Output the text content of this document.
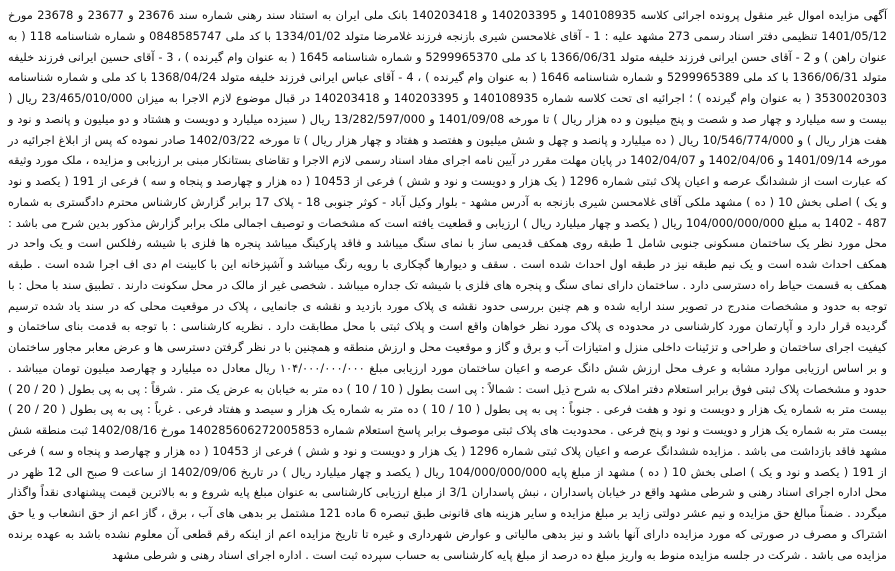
آگهی مزایده اموال غیر منقول پرونده اجرائی کلاسه 140108935 و 140203395 و 140203418 بانک ملی ایران به استناد سند رهنی شماره سند 23676 و 23677 و 23678 مورخ 1401/05/12 تنظیمی دفتر اسناد رسمی 273 مشهد علیه : 1 - آقای غلامحسن شیری بازنجه فرزند غلامرضا متولد 1334/01/02 با کد ملی 0848585747 و شماره شناسنامه 118 ( به عنوان راهن ) و 2 - آقای حسن ایرانی فرزند خلیفه متولد 1366/06/31 با کد ملی 5299965370 و شماره شناسنامه 1645 ( به عنوان وام گیرنده ) ، 3 - آقای حسین ایرانی فرزند خلیفه متولد 1366/06/31 با کد ملی 5299965389 و شماره شناسنامه 1646 ( به عنوان وام گیرنده ) ، 4 - آقای عباس ایرانی فرزند خلیفه متولد 1368/04/24 با کد ملی و شماره شناسنامه 3530020303 ( به عنوان وام گیرنده ) ؛ اجرائیه ای تحت کلاسه شماره 140108935 و 140203395 و 140203418 در قبال موضوع لازم الاجرا به میزان 23/465/010/000 ریال ( بیست و سه میلیارد و چهار صد و شصت و پنج میلیون و ده هزار ریال ) تا مورخه 1401/09/08 و 13/282/597/000 ریال ( سیزده میلیارد و دویست و هشتاد و دو میلیون و پانصد و نود و هفت هزار ریال ) و 10/546/774/000 ریال ( ده میلیارد و پانصد و چهل و شش میلیون و هفتصد و هفتاد و چهار هزار ریال ) تا مورخه 1402/03/22 صادر نموده که پس از ابلاغ اجرائیه در مورخه 1401/09/14 و 1402/04/06 و 1402/04/07 در پایان مهلت مقرر در آیین نامه اجرای مفاد اسناد رسمی لازم الاجرا و تقاضای بستانکار مبنی بر ارزیابی و مزایده ، ملک مورد وثیقه که عبارت است از ششدانگ عرصه و اعیان پلاک ثبتی شماره 1296 ( یک هزار و دویست و نود و شش ) فرعی از 10453 ( ده هزار و چهارصد و پنجاه و سه ) فرعی از 191 ( یکصد و نود و یک ) اصلی بخش 10 ( ده ) مشهد ملکی آقای غلامحسن شیری بازنجه به آدرس مشهد - بلوار وکیل آباد - کوثر جنوبی 18 - پلاک 17 برابر گزارش کارشناس محترم دادگستری به شماره 487 - 1402 به مبلغ 104/000/000/000 ریال ( یکصد و چهار میلیارد ریال ) ارزیابی و قطعیت یافته است که مشخصات و توصیف اجمالی ملک برابر گزارش مذکور بدین شرح می باشد : محل مورد نظر یک ساختمان مسکونی جنوبی شامل 1 طبقه روی همکف قدیمی ساز با نمای سنگ میباشد و فاقد پارکینگ میباشد پنجره ها فلزی با شیشه رفلکس است و یک واحد در همکف احداث شده است و یک نیم طبقه نیز در طبقه اول احداث شده است . سقف و دیوارها گچکاری با رویه رنگ میباشد و آشپزخانه این با کابینت ام دی اف اجرا شده است . طبقه همکف به قسمت حیاط راه دسترسی دارد . ساختمان دارای نمای سنگ و پنجره های فلزی با شیشه تک جداره میباشد . شخصی غیر از مالک در محل سکونت دارند . تطبیق سند با محل : با توجه به حدود و مشخصات مندرج در تصویر سند ارایه شده و هم چنین بررسی حدود نقشه ی پلاک مورد بازدید و نقشه ی جانمایی ، پلاک در موقعیت محلی که در سند یاد شده ترسیم گردیده قرار دارد و آپارتمان مورد کارشناسی در محدوده ی پلاک مورد نظر خواهان واقع است و پلاک ثبتی با محل مطابقت دارد . نظریه کارشناسی : با توجه به قدمت بنای ساختمان و کیفیت اجرای ساختمان و طراحی و تزئینات داخلی منزل و امتیازات آب و برق و گاز و موقعیت محل و ارزش منطقه و همچنین با در نظر گرفتن دسترسی ها و عرض معابر مجاور ساختمان و بر اساس ارزیابی موارد مشابه و عرف محل ارزش شش دانگ عرصه و اعیان ساختمان مورد ارزیابی مبلغ ۱۰۴/۰۰۰/۰۰۰/۰۰۰ ریال معادل ده میلیارد و چهارصد میلیون تومان میباشد . حدود و مشخصات پلاک ثبتی فوق برابر استعلام دفتر املاک به شرح ذیل است : شمالاً : پی است بطول ( 10 / 10 ) ده متر به خیابان به عرض یک متر . شرقاً : پی به پی بطول ( 20 / 20 ) بیست متر به شماره یک هزار و دویست و نود و هفت فرعی . جنوباً : پی به پی بطول ( 10 / 10 ) ده متر به شماره یک هزار و سیصد و هفتاد فرعی . غرباً : پی به پی بطول ( 20 / 20 ) بیست متر به شماره یک هزار و دویست و نود و پنج فرعی . محدودیت های پلاک ثبتی موصوف برابر پاسخ استعلام شماره 140285606272005853 مورخ 1402/08/16 ثبت منطقه شش مشهد فاقد بازداشت می باشد . مزایده ششدانگ عرصه و اعیان پلاک ثبتی شماره 1296 ( یک هزار و دویست و نود و شش ) فرعی از 10453 ( ده هزار و چهارصد و پنجاه و سه ) فرعی از 191 ( یکصد و نود و یک ) اصلی بخش 10 ( ده ) مشهد از مبلغ پایه 104/000/000/000 ریال ( یکصد و چهار میلیارد ریال ) در تاریخ 1402/09/06 از ساعت 9 صبح الی 12 ظهر در محل اداره اجرای اسناد رهنی و شرطی مشهد واقع در خیابان پاسداران ، نبش پاسداران 3/1 از مبلغ ارزیابی کارشناسی به عنوان مبلغ پایه شروع و به بالاترین قیمت پیشنهادی نقداً واگذار میگردد . ضمناً مبالغ حق مزایده و نیم عشر دولتی زاید بر مبلغ مزایده و سایر هزینه های قانونی طبق تبصره 6 ماده 121 مشتمل بر بدهی های آب ، برق ، گاز اعم از حق انشعاب و یا حق اشتراک و مصرف در صورتی که مورد مزایده دارای آنها باشد و نیز بدهی مالیاتی و عوارض شهرداری و غیره تا تاریخ مزایده اعم از اینکه رقم قطعی آن معلوم نشده باشد به عهده برنده مزایده می باشد . شرکت در جلسه مزایده منوط به واریز مبلغ ده درصد از مبلغ پایه کارشناسی به حساب سپرده ثبت است . اداره اجرای اسناد رهنی و شرطی مشهد
